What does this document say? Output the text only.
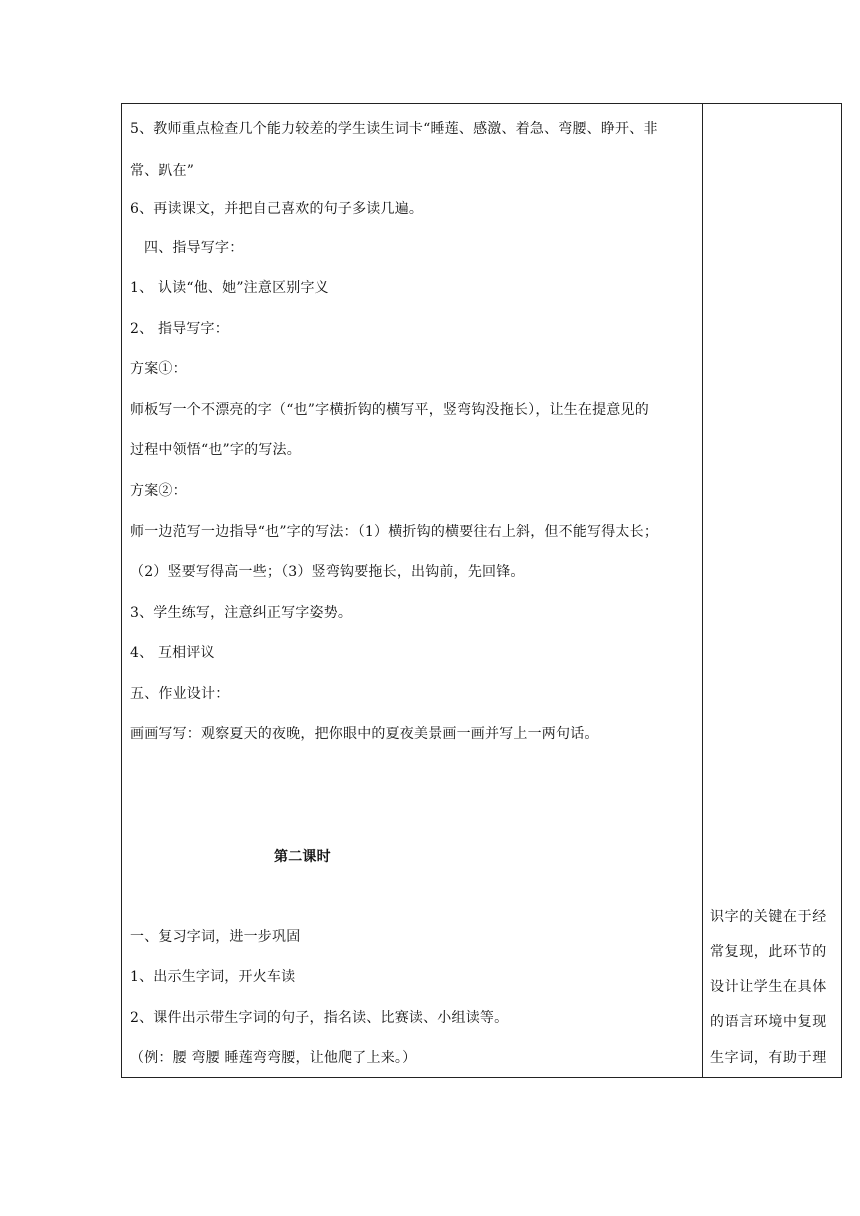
5、教师重点检查几个能力较差的学生读生词卡“睡莲、感激、着急、弯腰、睁开、非
常、趴在”
6、再读课文，并把自己喜欢的句子多读几遍。
四、指导写字：
1、 认读“他、她”注意区别字义
2、 指导写字：
方案①：
师板写一个不漂亮的字（“也”字横折钩的横写平，竖弯钩没拖长），让生在提意见的
过程中领悟“也”字的写法。
方案②：
师一边范写一边指导“也”字的写法：（1）横折钩的横要往右上斜，但不能写得太长；
（2）竖要写得高一些；（3）竖弯钩要拖长，出钩前，先回锋。
3、学生练写，注意纠正写字姿势。
4、 互相评议
五、作业设计：
画画写写：观察夏天的夜晚，把你眼中的夏夜美景画一画并写上一两句话。
第二课时
一、复习字词，进一步巩固
1、出示生字词，开火车读
2、课件出示带生字词的句子，指名读、比赛读、小组读等。
（例：腰 弯腰 睡莲弯弯腰，让他爬了上来。）
识字的关键在于经
常复现，此环节的
设计让学生在具体
的语言环境中复现
生字词，有助于理
